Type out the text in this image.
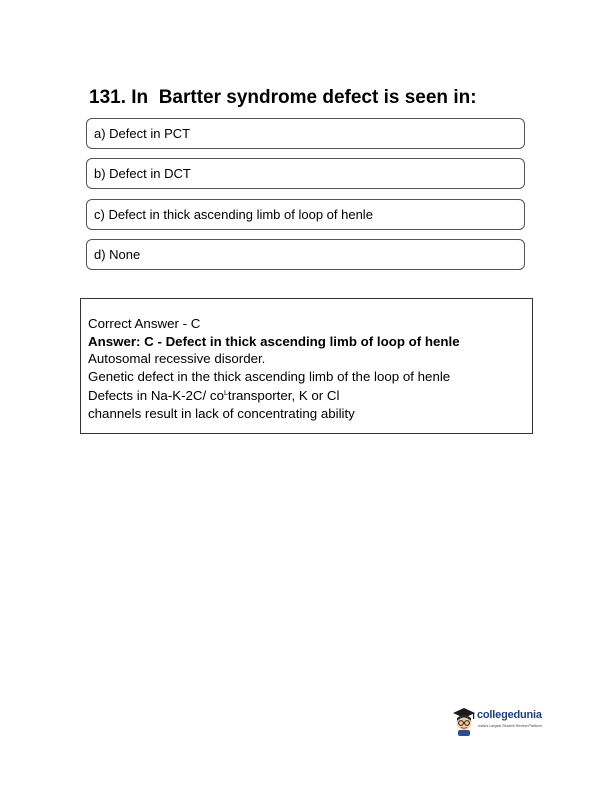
131. In  Bartter syndrome defect is seen in:
a) Defect in PCT
b) Defect in DCT
c) Defect in thick ascending limb of loop of henle
d) None
Correct Answer - C
Answer: C - Defect in thick ascending limb of loop of henle
Autosomal recessive disorder.
Genetic defect in the thick ascending limb of the loop of henle
Defects in Na-K-2C/ $co^Ltransporter$, K or Cl
channels result in lack of concentrating ability
collegedunia
India's Largest Student Review Platform
